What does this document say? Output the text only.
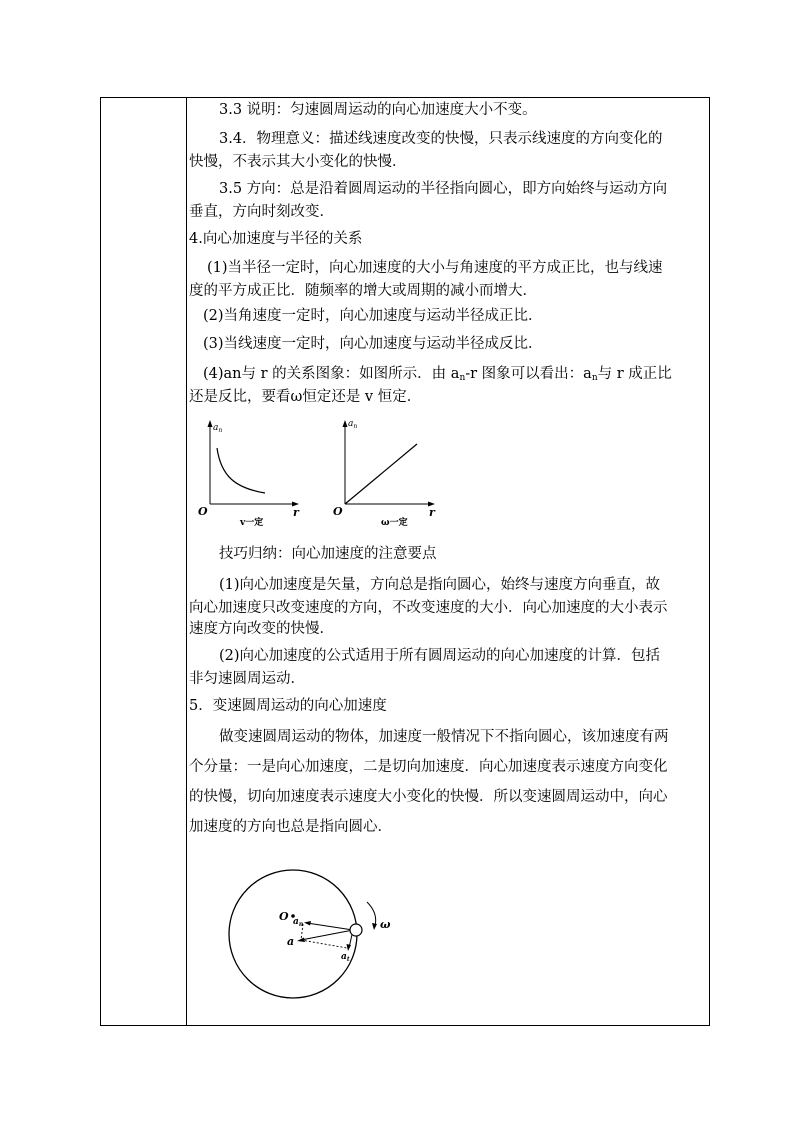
3.3 说明：匀速圆周运动的向心加速度大小不变。
3.4．物理意义：描述线速度改变的快慢，只表示线速度的方向变化的
快慢，不表示其大小变化的快慢．
3.5 方向：总是沿着圆周运动的半径指向圆心，即方向始终与运动方向
垂直，方向时刻改变．
4.向心加速度与半径的关系
(1)当半径一定时，向心加速度的大小与角速度的平方成正比，也与线速
度的平方成正比．随频率的增大或周期的减小而增大．
(2)当角速度一定时，向心加速度与运动半径成正比．
(3)当线速度一定时，向心加速度与运动半径成反比．
(4)an与 r 的关系图象：如图所示．由 $a_n-r$ 图象可以看出：$a_n$与 r 成正比
还是反比，要看ω恒定还是 v 恒定．
$a_n$
O	r
v一定
$a_n$
O	r
ω一定
技巧归纳：向心加速度的注意要点
(1)向心加速度是矢量，方向总是指向圆心，始终与速度方向垂直，故
向心加速度只改变速度的方向，不改变速度的大小．向心加速度的大小表示
速度方向改变的快慢．
(2)向心加速度的公式适用于所有圆周运动的向心加速度的计算．包括
非匀速圆周运动．
5．变速圆周运动的向心加速度
做变速圆周运动的物体，加速度一般情况下不指向圆心，该加速度有两
个分量：一是向心加速度，二是切向加速度．向心加速度表示速度方向变化
的快慢，切向加速度表示速度大小变化的快慢．所以变速圆周运动中，向心
加速度的方向也总是指向圆心．
O $a_n$
a
$a_t$
ω
